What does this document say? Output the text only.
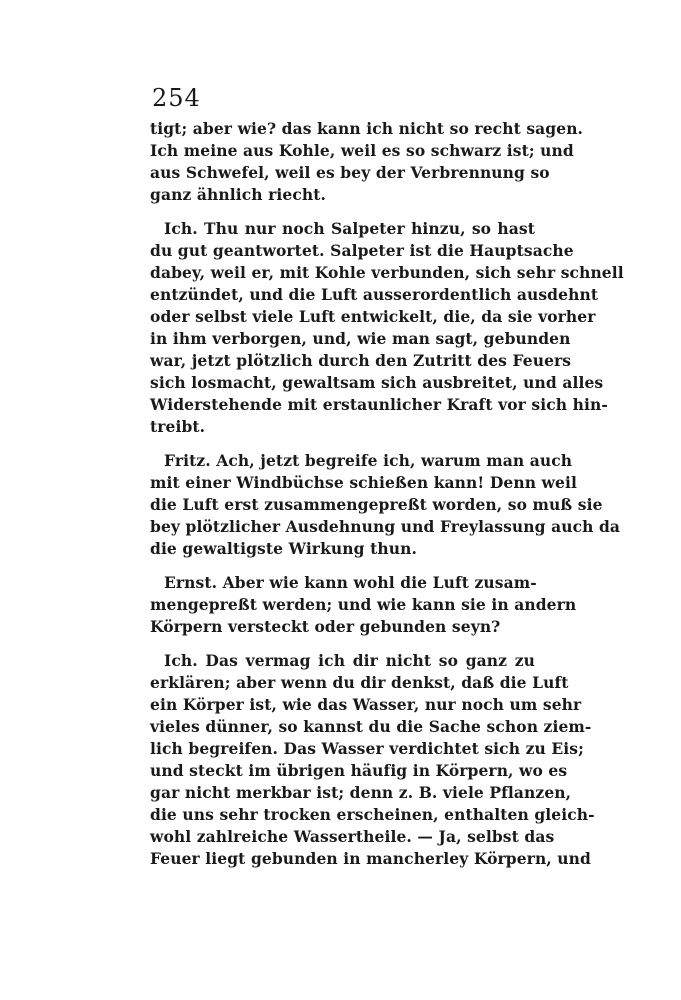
254
tigt; aber wie? das kann ich nicht so recht sagen.
Ich meine aus Kohle, weil es so schwarz ist; und
aus Schwefel, weil es bey der Verbrennung so
ganz ähnlich riecht.
Ich. Thu nur noch Salpeter hinzu, so hast
du gut geantwortet. Salpeter ist die Hauptsache
dabey, weil er, mit Kohle verbunden, sich sehr schnell
entzündet, und die Luft ausserordentlich ausdehnt
oder selbst viele Luft entwickelt, die, da sie vorher
in ihm verborgen, und, wie man sagt, gebunden
war, jetzt plötzlich durch den Zutritt des Feuers
sich losmacht, gewaltsam sich ausbreitet, und alles
Widerstehende mit erstaunlicher Kraft vor sich hin-
treibt.
Fritz. Ach, jetzt begreife ich, warum man auch
mit einer Windbüchse schießen kann! Denn weil
die Luft erst zusammengepreßt worden, so muß sie
bey plötzlicher Ausdehnung und Freylassung auch da
die gewaltigste Wirkung thun.
Ernst. Aber wie kann wohl die Luft zusam-
mengepreßt werden; und wie kann sie in andern
Körpern versteckt oder gebunden seyn?
Ich. Das vermag ich dir nicht so ganz zu
erklären; aber wenn du dir denkst, daß die Luft
ein Körper ist, wie das Wasser, nur noch um sehr
vieles dünner, so kannst du die Sache schon ziem-
lich begreifen. Das Wasser verdichtet sich zu Eis;
und steckt im übrigen häufig in Körpern, wo es
gar nicht merkbar ist; denn z. B. viele Pflanzen,
die uns sehr trocken erscheinen, enthalten gleich-
wohl zahlreiche Wassertheile. — Ja, selbst das
Feuer liegt gebunden in mancherley Körpern, und
